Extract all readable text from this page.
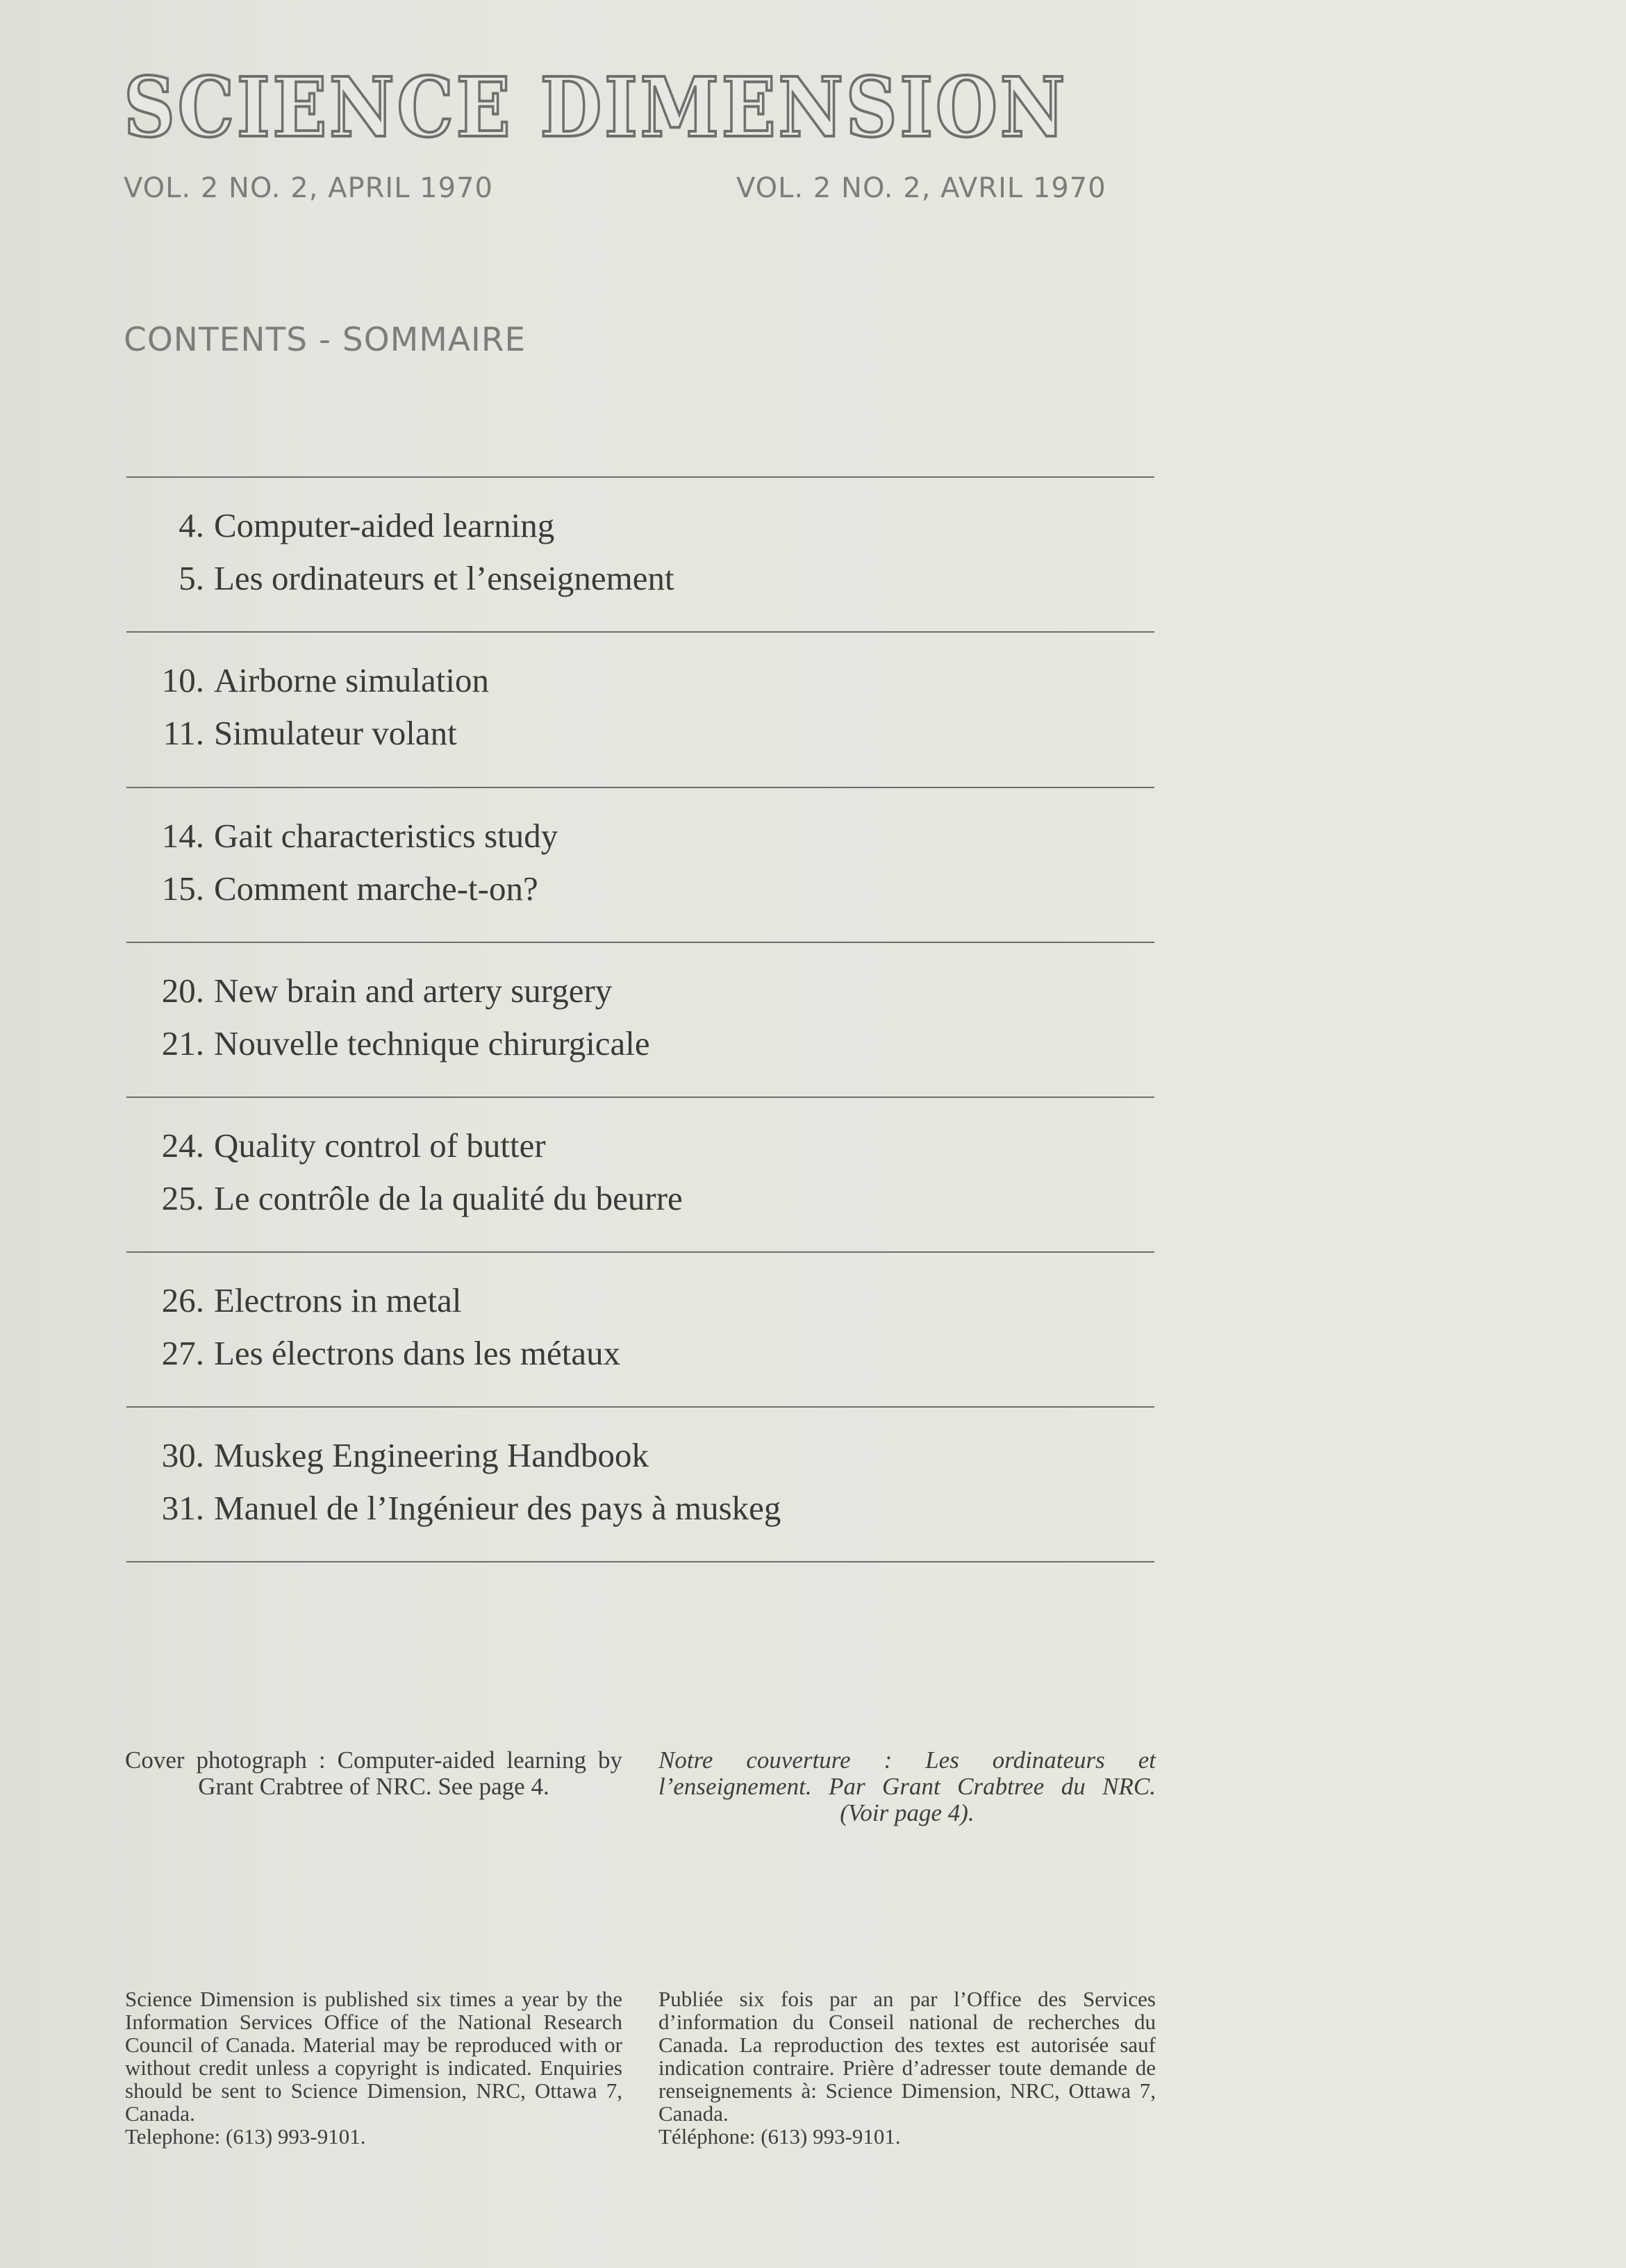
SCIENCE DIMENSION
VOL. 2 NO. 2, APRIL 1970	VOL. 2 NO. 2, AVRIL 1970
CONTENTS - SOMMAIRE
4. Computer-aided learning
5. Les ordinateurs et l’enseignement
10. Airborne simulation
11. Simulateur volant
14. Gait characteristics study
15. Comment marche-t-on?
20. New brain and artery surgery
21. Nouvelle technique chirurgicale
24. Quality control of butter
25. Le contrôle de la qualité du beurre
26. Electrons in metal
27. Les électrons dans les métaux
30. Muskeg Engineering Handbook
31. Manuel de l’Ingénieur des pays à muskeg

Cover photograph : Computer-aided learning by Grant Crabtree of NRC. See page 4.

Notre couverture : Les ordinateurs et l’enseignement. Par Grant Crabtree du NRC. (Voir page 4).

Science Dimension is published six times a year by the Information Services Office of the National Research Council of Canada. Material may be reproduced with or without credit unless a copyright is indicated. Enquiries should be sent to Science Dimension, NRC, Ottawa 7, Canada.

Telephone: (613) 993-9101.

Publiée six fois par an par l’Office des Services d’information du Conseil national de recherches du Canada. La reproduction des textes est autorisée sauf indication contraire. Prière d’adresser toute demande de renseignements à: Science Dimension, NRC, Ottawa 7, Canada.

Téléphone: (613) 993-9101.
